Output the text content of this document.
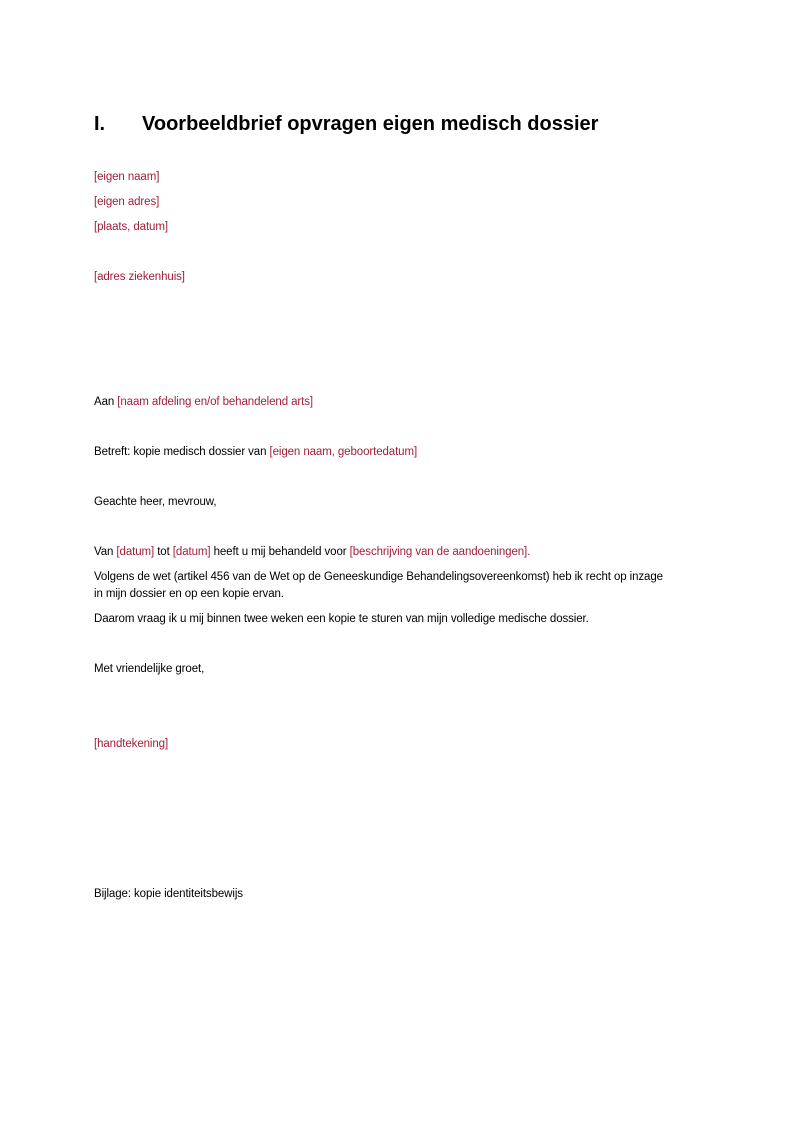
I. Voorbeeldbrief opvragen eigen medisch dossier
[eigen naam]
[eigen adres]
[plaats, datum]
[adres ziekenhuis]
Aan [naam afdeling en/of behandelend arts]
Betreft: kopie medisch dossier van [eigen naam, geboortedatum]
Geachte heer, mevrouw,
Van [datum] tot [datum] heeft u mij behandeld voor [beschrijving van de aandoeningen].
Volgens de wet (artikel 456 van de Wet op de Geneeskundige Behandelingsovereenkomst) heb ik recht op inzage
in mijn dossier en op een kopie ervan.
Daarom vraag ik u mij binnen twee weken een kopie te sturen van mijn volledige medische dossier.
Met vriendelijke groet,
[handtekening]
Bijlage: kopie identiteitsbewijs
